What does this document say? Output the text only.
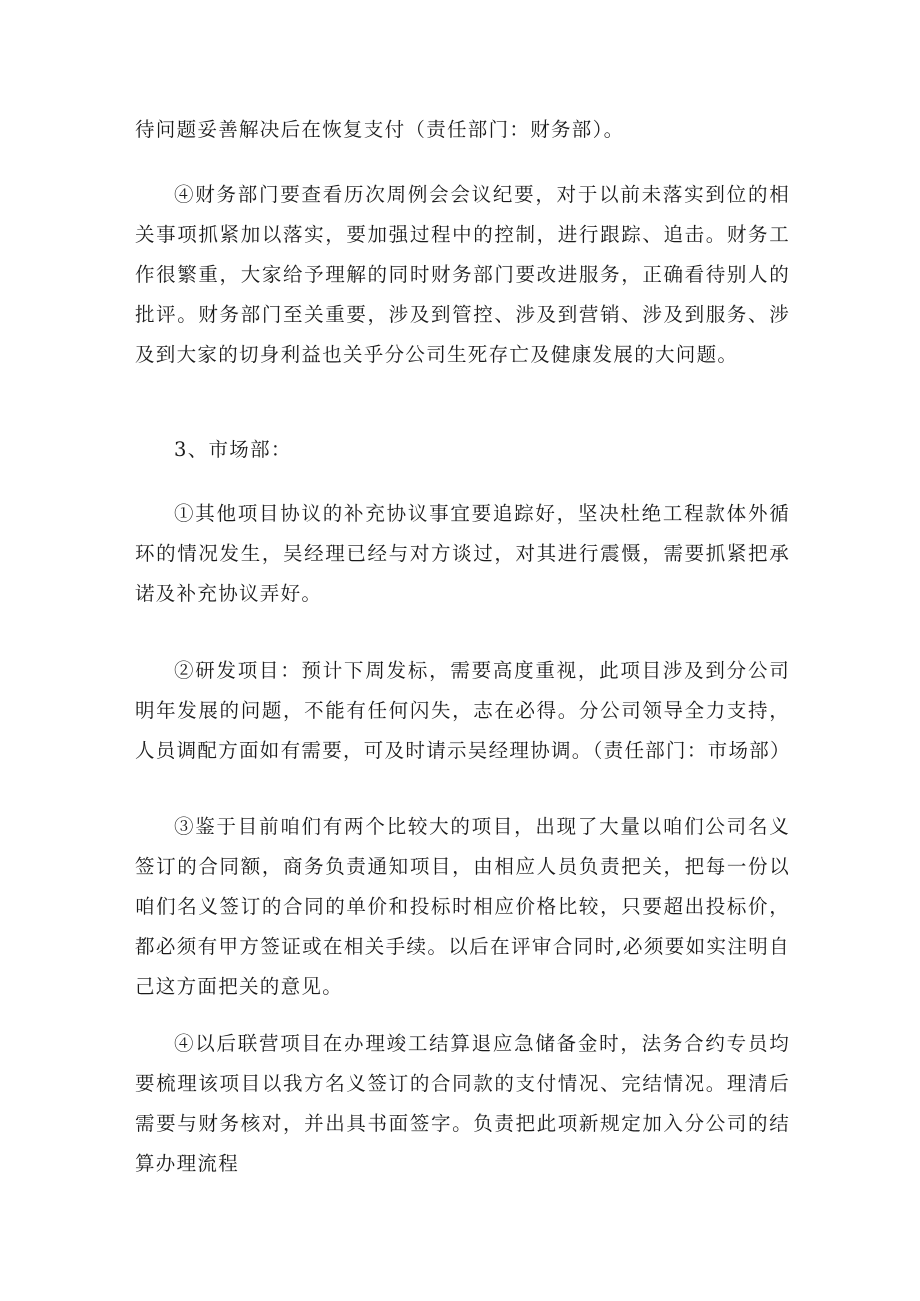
待问题妥善解决后在恢复支付（责任部门：财务部）。

④财务部门要查看历次周例会会议纪要，对于以前未落实到位的相关事项抓紧加以落实，要加强过程中的控制，进行跟踪、追击。财务工作很繁重，大家给予理解的同时财务部门要改进服务，正确看待别人的批评。财务部门至关重要，涉及到管控、涉及到营销、涉及到服务、涉及到大家的切身利益也关乎分公司生死存亡及健康发展的大问题。

3、市场部：

①其他项目协议的补充协议事宜要追踪好，坚决杜绝工程款体外循环的情况发生，吴经理已经与对方谈过，对其进行震慑，需要抓紧把承诺及补充协议弄好。

②研发项目：预计下周发标，需要高度重视，此项目涉及到分公司明年发展的问题，不能有任何闪失，志在必得。分公司领导全力支持，人员调配方面如有需要，可及时请示吴经理协调。（责任部门：市场部）

③鉴于目前咱们有两个比较大的项目，出现了大量以咱们公司名义签订的合同额，商务负责通知项目，由相应人员负责把关，把每一份以咱们名义签订的合同的单价和投标时相应价格比较，只要超出投标价，都必须有甲方签证或在相关手续。以后在评审合同时,必须要如实注明自己这方面把关的意见。

④以后联营项目在办理竣工结算退应急储备金时，法务合约专员均要梳理该项目以我方名义签订的合同款的支付情况、完结情况。理清后需要与财务核对，并出具书面签字。负责把此项新规定加入分公司的结算办理流程
